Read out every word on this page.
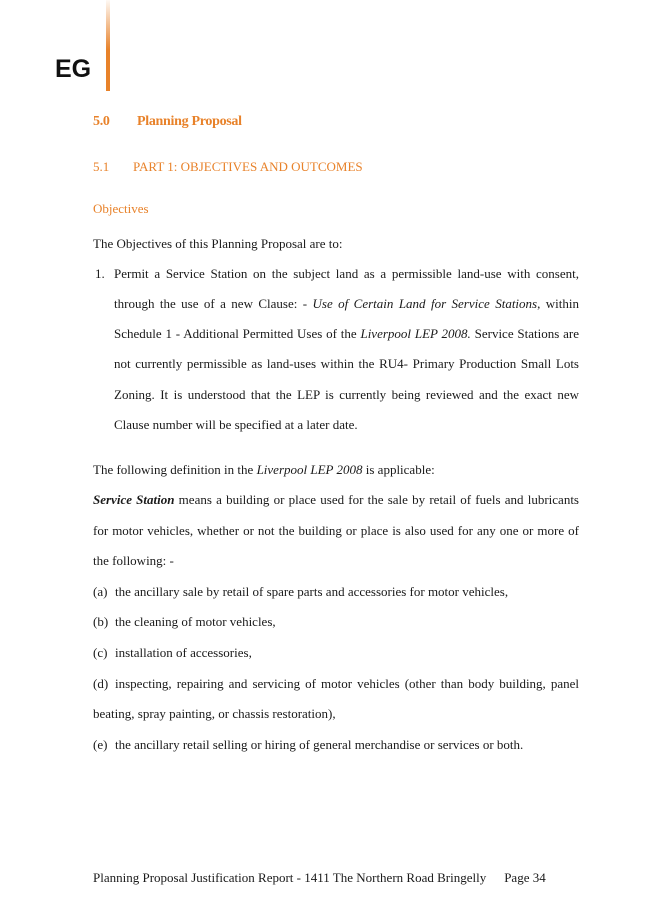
EG
5.0 Planning Proposal
5.1 PART 1: OBJECTIVES AND OUTCOMES
Objectives
The Objectives of this Planning Proposal are to:
1. Permit a Service Station on the subject land as a permissible land-use with consent,
through the use of a new Clause: - Use of Certain Land for Service Stations, within
Schedule 1 - Additional Permitted Uses of the Liverpool LEP 2008. Service Stations are
not currently permissible as land-uses within the RU4- Primary Production Small Lots
Zoning. It is understood that the LEP is currently being reviewed and the exact new
Clause number will be specified at a later date.
The following definition in the Liverpool LEP 2008 is applicable:
Service Station means a building or place used for the sale by retail of fuels and lubricants
for motor vehicles, whether or not the building or place is also used for any one or more of
the following: -
(a) the ancillary sale by retail of spare parts and accessories for motor vehicles,
(b) the cleaning of motor vehicles,
(c) installation of accessories,
(d) inspecting, repairing and servicing of motor vehicles (other than body building, panel
beating, spray painting, or chassis restoration),
(e) the ancillary retail selling or hiring of general merchandise or services or both.
Planning Proposal Justification Report - 1411 The Northern Road Bringelly Page 34
